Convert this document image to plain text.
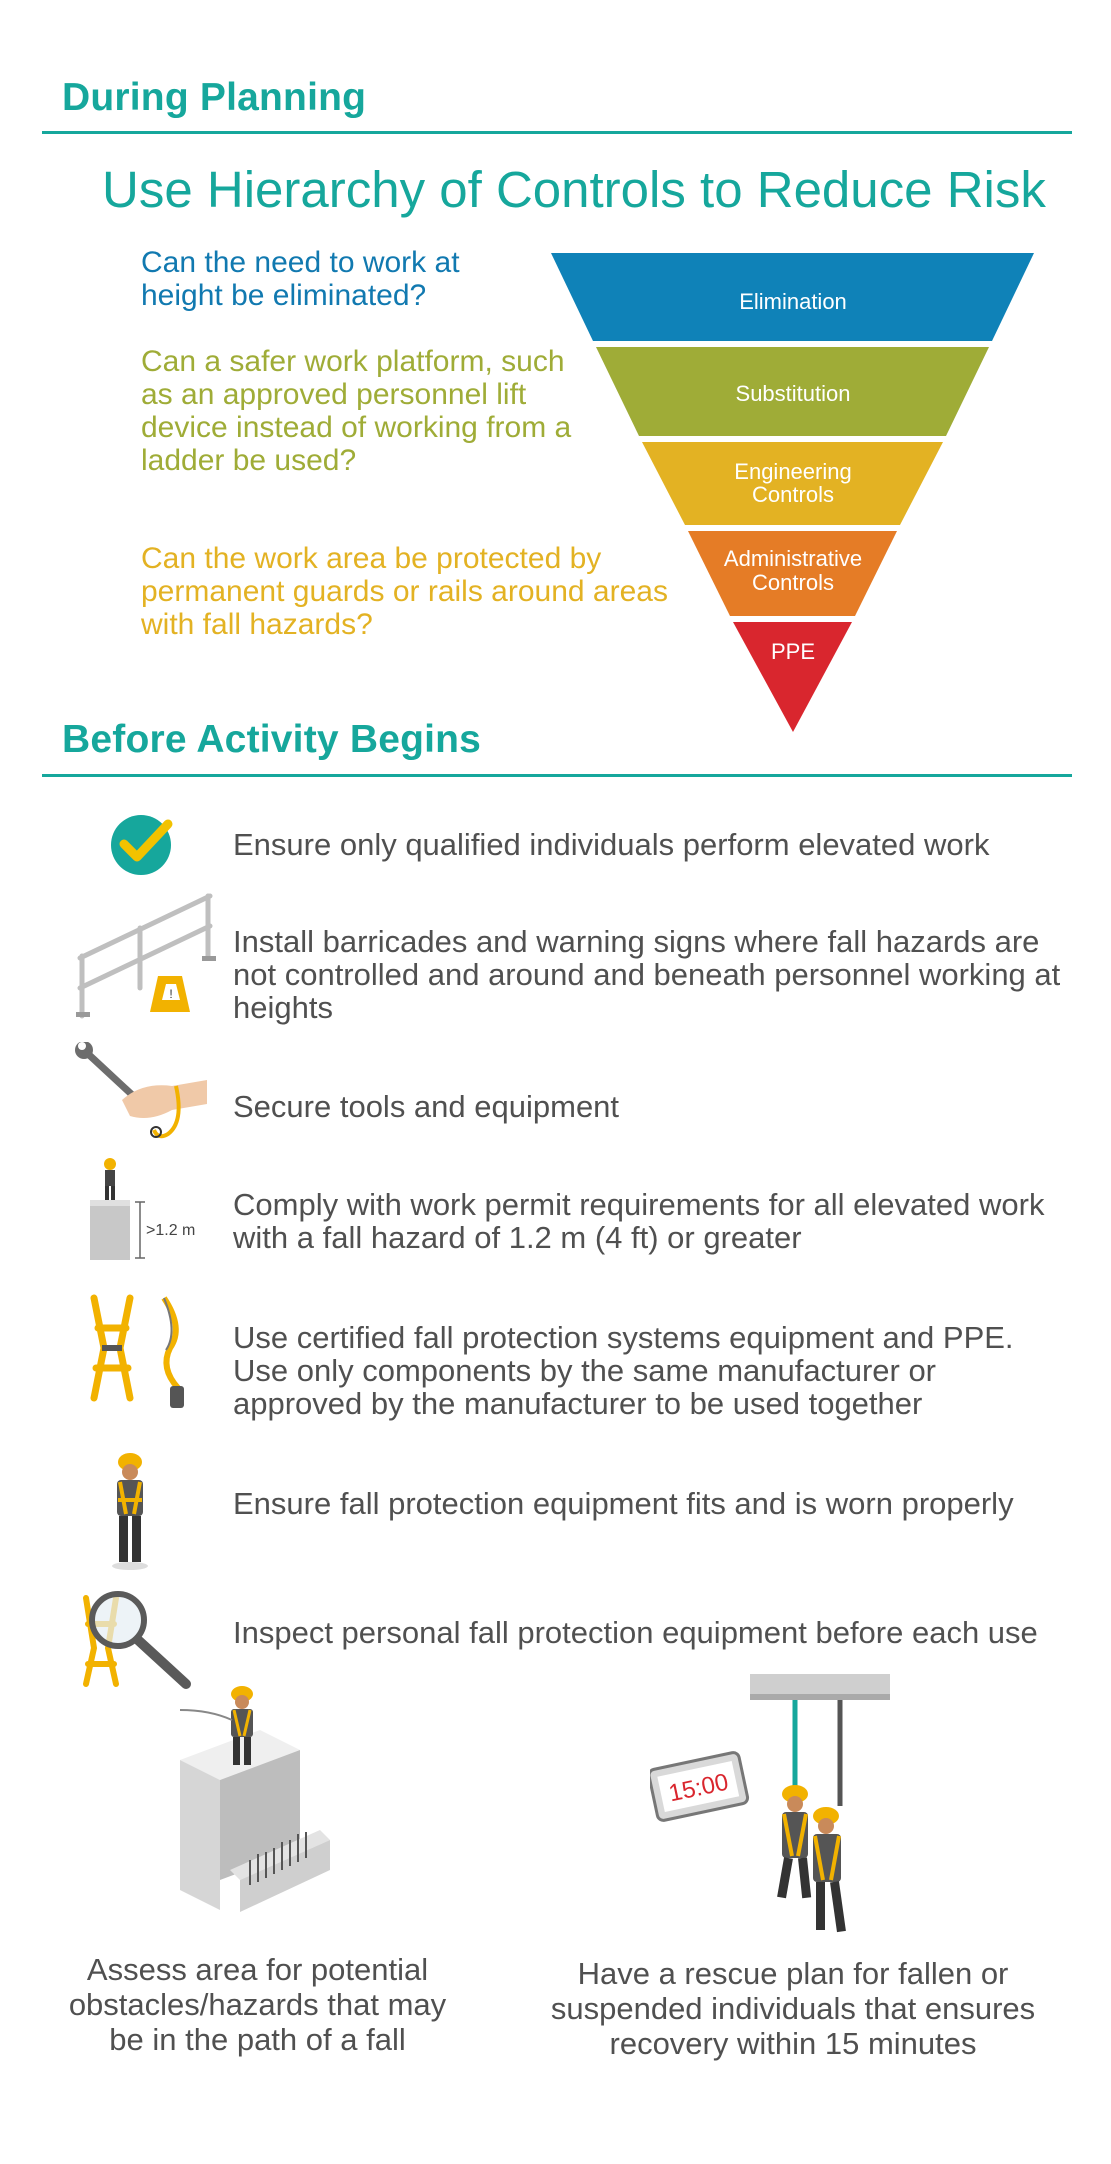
During Planning
Use Hierarchy of Controls to Reduce Risk
Can the need to work at height be eliminated?
Can a safer work platform, such as an approved personnel lift device instead of working from a ladder be used?
Can the work area be protected by permanent guards or rails around areas with fall hazards?
Elimination
Substitution
Engineering
Controls
Administrative
Controls
PPE
Before Activity Begins
Ensure only qualified individuals perform elevated work
!
Install barricades and warning signs where fall hazards are not controlled and around and beneath personnel working at heights
Secure tools and equipment
>1.2 m
Comply with work permit requirements for all elevated work with a fall hazard of 1.2 m (4 ft) or greater
Use certified fall protection systems equipment and PPE. Use only components by the same manufacturer or approved by the manufacturer to be used together
Ensure fall protection equipment fits and is worn properly
Inspect personal fall protection equipment before each use
15:00
Assess area for potential obstacles/hazards that may be in the path of a fall
Have a rescue plan for fallen or suspended individuals that ensures recovery within 15 minutes
